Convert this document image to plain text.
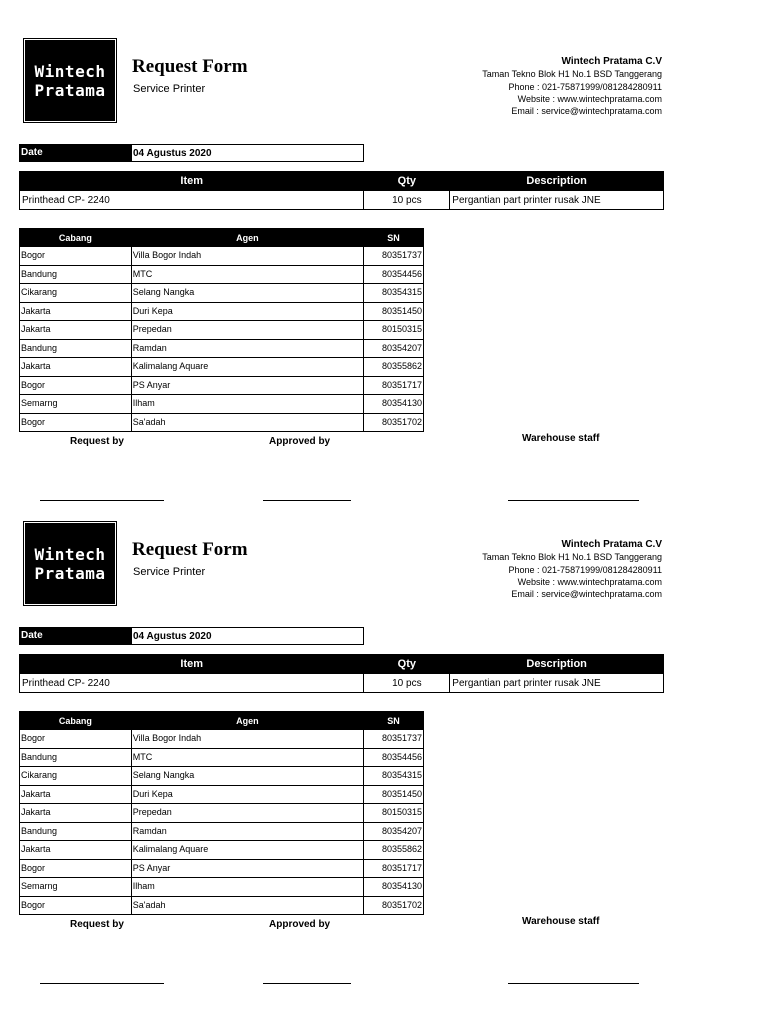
Wintech
Pratama
Request Form
Service Printer
Wintech Pratama C.V
Taman Tekno Blok H1 No.1 BSD Tanggerang
Phone : 021-75871999/081284280911
Website : www.wintechpratama.com
Email : service@wintechpratama.com
Date	04 Agustus 2020
Item	Qty	Description
Printhead CP- 2240	10 pcs	Pergantian part printer rusak JNE
Cabang	Agen	SN
Bogor	Villa Bogor Indah	80351737
Bandung	MTC	80354456
Cikarang	Selang Nangka	80354315
Jakarta	Duri Kepa	80351450
Jakarta	Prepedan	80150315
Bandung	Ramdan	80354207
Jakarta	Kalimalang Aquare	80355862
Bogor	PS Anyar	80351717
Semarng	Ilham	80354130
Bogor	Sa'adah	80351702
Request by	Approved by	Warehouse staff
Wintech
Pratama
Request Form
Service Printer
Wintech Pratama C.V
Taman Tekno Blok H1 No.1 BSD Tanggerang
Phone : 021-75871999/081284280911
Website : www.wintechpratama.com
Email : service@wintechpratama.com
Date	04 Agustus 2020
Item	Qty	Description
Printhead CP- 2240	10 pcs	Pergantian part printer rusak JNE
Cabang	Agen	SN
Bogor	Villa Bogor Indah	80351737
Bandung	MTC	80354456
Cikarang	Selang Nangka	80354315
Jakarta	Duri Kepa	80351450
Jakarta	Prepedan	80150315
Bandung	Ramdan	80354207
Jakarta	Kalimalang Aquare	80355862
Bogor	PS Anyar	80351717
Semarng	Ilham	80354130
Bogor	Sa'adah	80351702
Request by	Approved by	Warehouse staff
